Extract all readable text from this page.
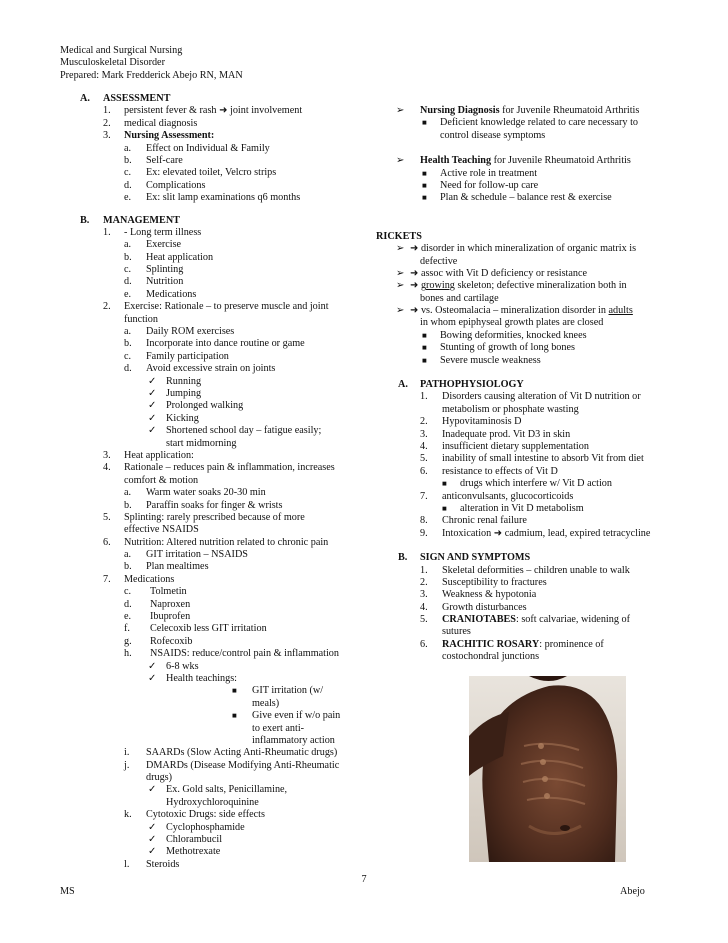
Medical and Surgical Nursing
Musculoskeletal Disorder
Prepared: Mark Fredderick Abejo RN, MAN
A. ASSESSMENT
1. persistent fever & rash ➜ joint involvement
2. medical diagnosis
3. Nursing Assessment:
a. Effect on Individual & Family
b. Self-care
c. Ex: elevated toilet, Velcro strips
d. Complications
e. Ex: slit lamp examinations q6 months
B. MANAGEMENT
1. - Long term illness
a. Exercise
b. Heat application
c. Splinting
d. Nutrition
e. Medications
2. Exercise: Rationale – to preserve muscle and joint
function
a. Daily ROM exercises
b. Incorporate into dance routine or game
c. Family participation
d. Avoid excessive strain on joints
✓
Running
✓
Jumping
✓
Prolonged walking
✓
Kicking
✓
Shortened school day – fatigue easily;
start midmorning
3. Heat application:
4. Rationale – reduces pain & inflammation, increases
comfort & motion
a. Warm water soaks 20-30 min
b. Paraffin soaks for finger & wrists
5. Splinting: rarely prescribed because of more
effective NSAIDS
6. Nutrition: Altered nutrition related to chronic pain
a. GIT irritation – NSAIDS
b. Plan mealtimes
7. Medications
c. Tolmetin
d. Naproxen
e. Ibuprofen
f. Celecoxib less GIT irritation
g. Rofecoxib
h. NSAIDS: reduce/control pain & inflammation
✓
6-8 wks
✓
Health teachings:
■
GIT irritation (w/
meals)
■
Give even if w/o pain
to exert anti-
inflammatory action
i. SAARDs (Slow Acting Anti-Rheumatic drugs)
j. DMARDs (Disease Modifying Anti-Rheumatic
drugs)
✓
Ex. Gold salts, Penicillamine,
Hydroxychloroquinine
k. Cytotoxic Drugs: side effects
✓
Cyclophosphamide
✓
Chlorambucil
✓
Methotrexate
l. Steroids
➢
Nursing Diagnosis for Juvenile Rheumatoid Arthritis
■
Deficient knowledge related to care necessary to
control disease symptoms
➢
Health Teaching for Juvenile Rheumatoid Arthritis
■
Active role in treatment
■
Need for follow-up care
■
Plan & schedule – balance rest & exercise
RICKETS
➢
➜ disorder in which mineralization of organic matrix is
defective
➢
➜ assoc with Vit D deficiency or resistance
➢
➜ growing skeleton; defective mineralization both in
bones and cartilage
➢
➜ vs. Osteomalacia – mineralization disorder in adults
in whom epiphyseal growth plates are closed
■
Bowing deformities, knocked knees
■
Stunting of growth of long bones
■
Severe muscle weakness
A. PATHOPHYSIOLOGY
1. Disorders causing alteration of Vit D nutrition or
metabolism or phosphate wasting
2. Hypovitaminosis D
3. Inadequate prod. Vit D3 in skin
4. insufficient dietary supplementation
5. inability of small intestine to absorb Vit from diet
6. resistance to effects of Vit D
■
drugs which interfere w/ Vit D action
7. anticonvulsants, glucocorticoids
■
alteration in Vit D metabolism
8. Chronic renal failure
9. Intoxication ➜ cadmium, lead, expired tetracycline
B. SIGN AND SYMPTOMS
1. Skeletal deformities – children unable to walk
2. Susceptibility to fractures
3. Weakness & hypotonia
4. Growth disturbances
5. CRANIOTABES: soft calvariae, widening of
sutures
6. RACHITIC ROSARY: prominence of
costochondral junctions
7
MS	Abejo
